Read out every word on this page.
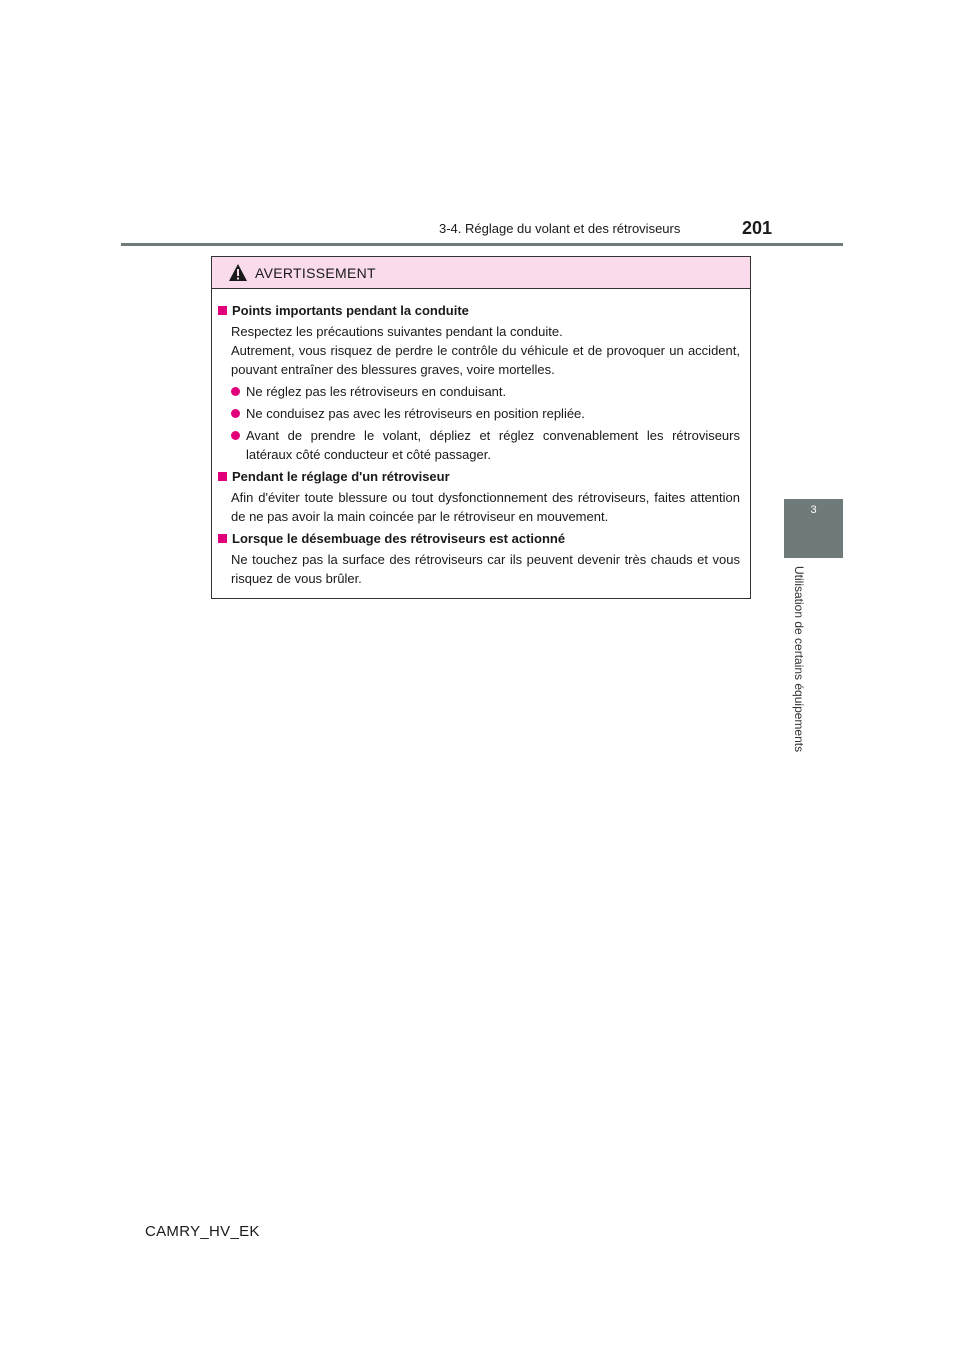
3-4. Réglage du volant et des rétroviseurs	201
3
Utilisation de certains équipements
AVERTISSEMENT
Points importants pendant la conduite
Respectez les précautions suivantes pendant la conduite.
Autrement, vous risquez de perdre le contrôle du véhicule et de provoquer un accident, pouvant entraîner des blessures graves, voire mortelles.
Ne réglez pas les rétroviseurs en conduisant.
Ne conduisez pas avec les rétroviseurs en position repliée.
Avant de prendre le volant, dépliez et réglez convenablement les rétroviseurs latéraux côté conducteur et côté passager.
Pendant le réglage d'un rétroviseur
Afin d'éviter toute blessure ou tout dysfonctionnement des rétroviseurs, faites attention de ne pas avoir la main coincée par le rétroviseur en mouvement.
Lorsque le désembuage des rétroviseurs est actionné
Ne touchez pas la surface des rétroviseurs car ils peuvent devenir très chauds et vous risquez de vous brûler.
CAMRY_HV_EK
